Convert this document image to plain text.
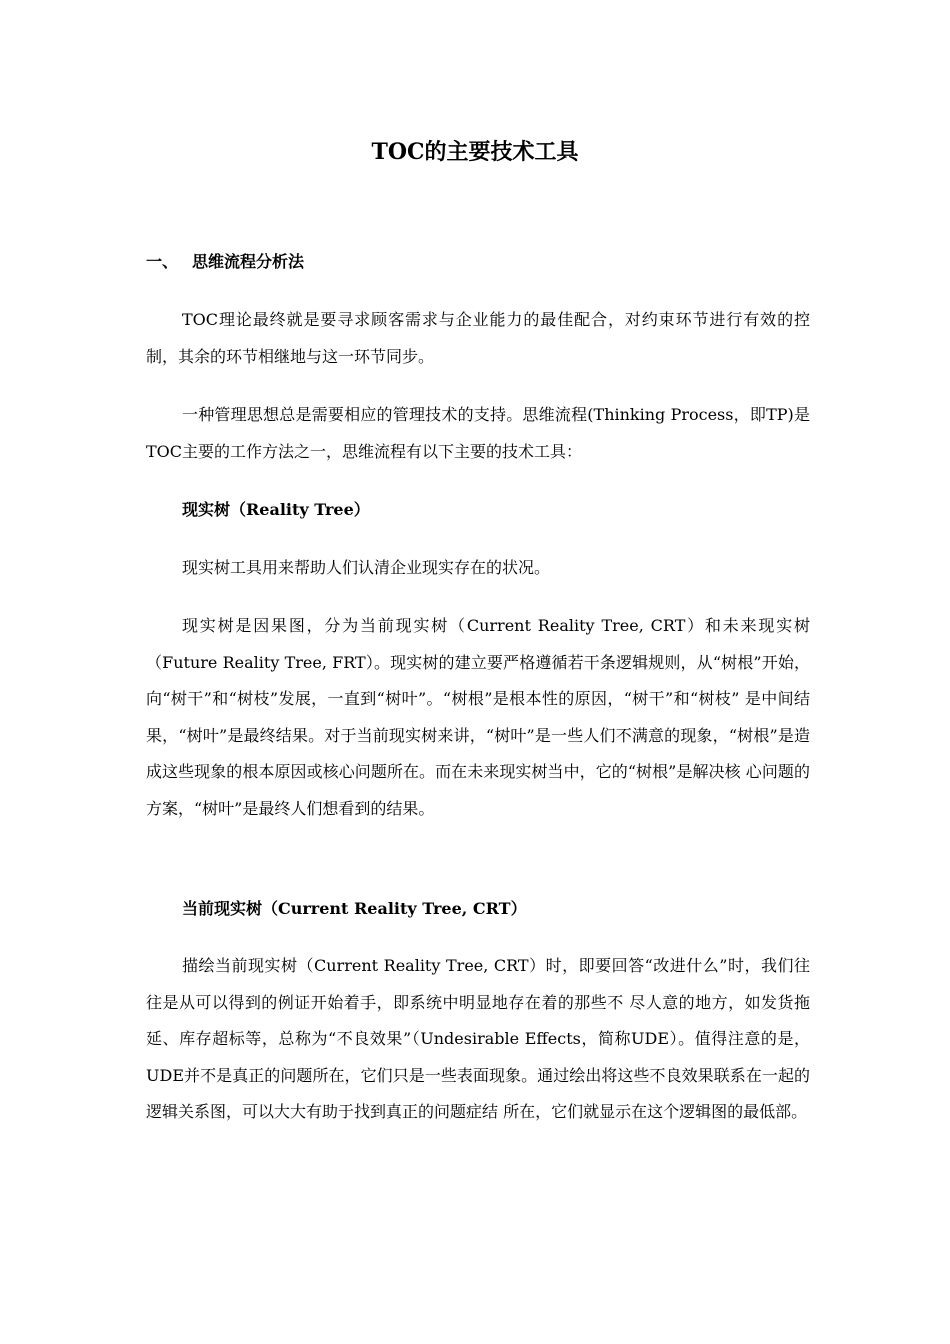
TOC的主要技术工具
一、 思维流程分析法

TOC理论最终就是要寻求顾客需求与企业能力的最佳配合，对约束环节进行有效的控制，其余的环节相继地与这一环节同步。

一种管理思想总是需要相应的管理技术的支持。思维流程(Thinking Process，即TP)是TOC主要的工作方法之一，思维流程有以下主要的技术工具：

现实树（Reality Tree）

现实树工具用来帮助人们认清企业现实存在的状况。

现实树是因果图，分为当前现实树（Current Reality Tree, CRT）和未来现实树（Future Reality Tree, FRT）。现实树的建立要严格遵循若干条逻辑规则，从“树根”开始，向“树干”和“树枝”发展，一直到“树叶”。“树根”是根本性的原因，“树干”和“树枝” 是中间结果，“树叶”是最终结果。对于当前现实树来讲，“树叶”是一些人们不满意的现象，“树根”是造成这些现象的根本原因或核心问题所在。而在未来现实树当中，它的“树根”是解决核 心问题的方案，“树叶”是最终人们想看到的结果。

当前现实树（Current Reality Tree, CRT）

描绘当前现实树（Current Reality Tree, CRT）时，即要回答“改进什么”时，我们往往是从可以得到的例证开始着手，即系统中明显地存在着的那些不 尽人意的地方，如发货拖延、库存超标等，总称为“不良效果”（Undesirable Effects，简称UDE）。值得注意的是，UDE并不是真正的问题所在，它们只是一些表面现象。通过绘出将这些不良效果联系在一起的逻辑关系图，可以大大有助于找到真正的问题症结 所在，它们就显示在这个逻辑图的最低部。
